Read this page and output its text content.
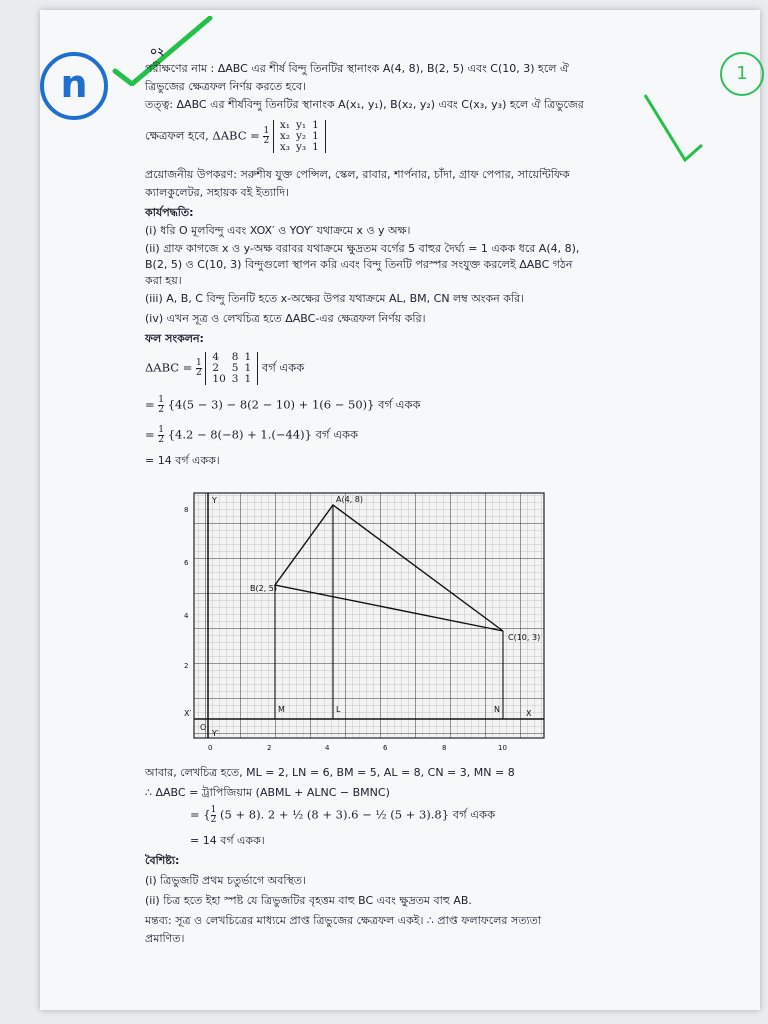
n	1
০২
পরীক্ষণের নাম : ΔABC এর শীর্ষ বিন্দু তিনটির স্থানাংক A(4, 8), B(2, 5) এবং C(10, 3) হলে ঐ
ত্রিভুজের ক্ষেত্রফল নির্ণয় করতে হবে।
তত্ত্ব: ΔABC এর শীর্ষবিন্দু তিনটির স্থানাংক A(x₁, y₁), B(x₂, y₂) এবং C(x₃, y₃) হলে ঐ ত্রিভুজের
ক্ষেত্রফল হবে, $\Delta ABC = \frac{1}{2}$
x₁	y₁	1
x₂	y₂	1
x₃	y₃	1
প্রয়োজনীয় উপকরণ: সরুশীষ যুক্ত পেন্সিল, স্কেল, রাবার, শার্পনার, চাঁদা, গ্রাফ পেপার, সায়েন্টিফিক
ক্যালকুলেটর, সহায়ক বই ইত্যাদি।
কার্যপদ্ধতি:
(i) ধরি O মূলবিন্দু এবং XOX′ ও YOY′ যথাক্রমে x ও y অক্ষ।
(ii) গ্রাফ কাগজে x ও y-অক্ষ বরাবর যথাক্রমে ক্ষুদ্রতম বর্গের 5 বাহুর দৈর্ঘ্য = 1 একক ধরে A(4, 8),
B(2, 5) ও C(10, 3) বিন্দুগুলো স্থাপন করি এবং বিন্দু তিনটি পরস্পর সংযুক্ত করলেই ΔABC গঠন
করা হয়।
(iii) A, B, C বিন্দু তিনটি হতে x-অক্ষের উপর যথাক্রমে AL, BM, CN লম্ব অংকন করি।
(iv) এখন সূত্র ও লেখচিত্র হতে ΔABC-এর ক্ষেত্রফল নির্ণয় করি।
ফল সংকলন:
$\Delta ABC = \frac{1}{2}$
4	8	1
2	5	1
10	3	1 বর্গ একক
= $\frac{1}{2} \{4(5 - 3) - 8(2 - 10) + 1(6 - 50)\}$ বর্গ একক
= $\frac{1}{2} \{4.2 - 8(-8) + 1.(-44)\}$ বর্গ একক
= 14 বর্গ একক।
A(4, 8)
B(2, 5)
C(10, 3)
M	L	N
Y
X
X′
Y′
O
8
6
4
2
0	2	4	6	8	10
আবার, লেখচিত্র হতে, ML = 2, LN = 6, BM = 5, AL = 8, CN = 3, MN = 8
∴ ΔABC = ট্রাপিজিয়াম (ABML + ALNC − BMNC)
= { $\frac{1}{2} (5 + 8)$. 2 + ½ (8 + 3).6 − ½ (5 + 3).8} বর্গ একক
= 14 বর্গ একক।
বৈশিষ্ট্য:
(i) ত্রিভুজটি প্রথম চতুর্ভাগে অবস্থিত।
(ii) চিত্র হতে ইহা স্পষ্ট যে ত্রিভুজটির বৃহত্তম বাহু BC এবং ক্ষুদ্রতম বাহু AB.
মন্তব্য: সূত্র ও লেখচিত্রের মাধ্যমে প্রাপ্ত ত্রিভুজের ক্ষেত্রফল একই। ∴ প্রাপ্ত ফলাফলের সত্যতা
প্রমাণিত।
